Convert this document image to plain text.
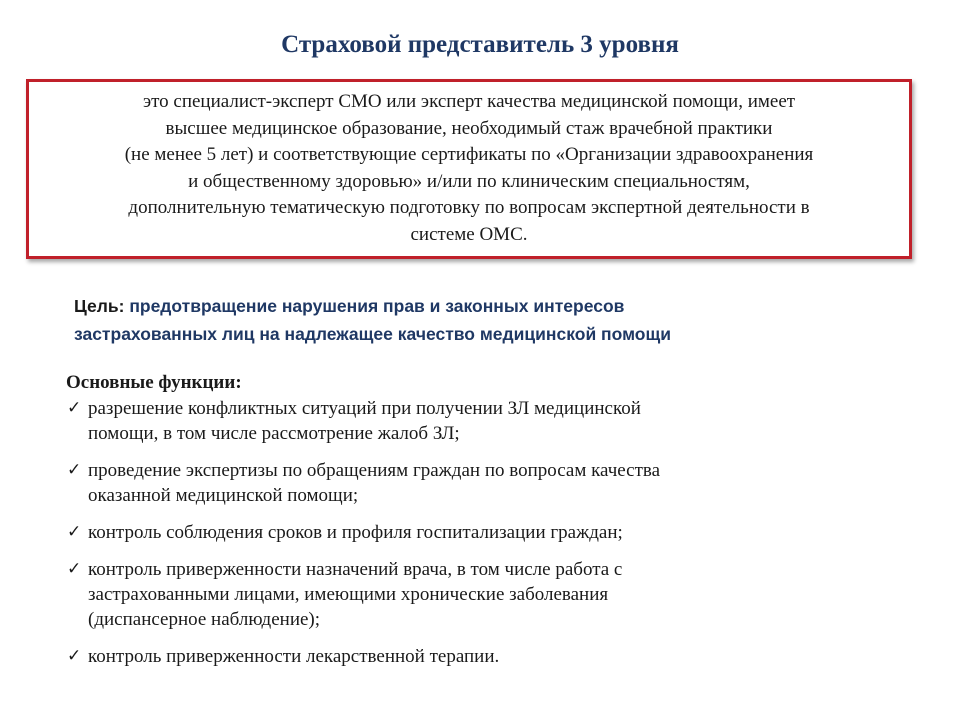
Страховой представитель 3 уровня
это специалист-эксперт СМО или эксперт качества медицинской помощи, имеет
высшее медицинское образование, необходимый стаж врачебной практики
(не менее 5 лет) и соответствующие сертификаты по «Организации здравоохранения
и общественному здоровью» и/или по клиническим специальностям,
дополнительную тематическую подготовку по вопросам экспертной деятельности в
системе ОМС.
Цель: предотвращение нарушения прав и законных интересов
застрахованных лиц на надлежащее качество медицинской помощи
Основные функции:
✓ разрешение конфликтных ситуаций при получении ЗЛ медицинской
помощи, в том числе рассмотрение жалоб ЗЛ;
✓ проведение экспертизы по обращениям граждан по вопросам качества
оказанной медицинской помощи;
✓ контроль соблюдения сроков и профиля госпитализации граждан;
✓ контроль приверженности назначений врача, в том числе работа с
застрахованными лицами, имеющими хронические заболевания
(диспансерное наблюдение);
✓ контроль приверженности лекарственной терапии.
